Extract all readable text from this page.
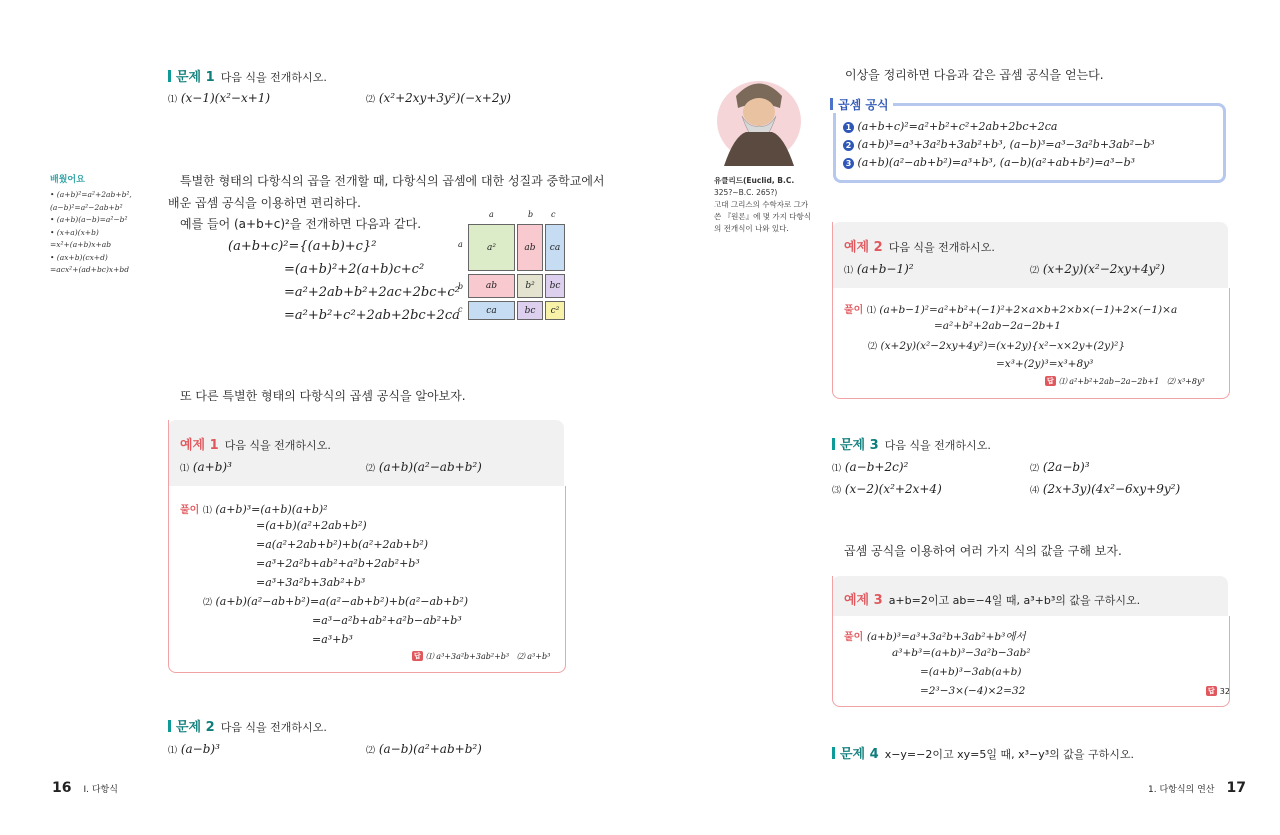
문제 1 다음 식을 전개하시오.
⑴ (x−1)(x²−x+1)	⑵ (x²+2xy+3y²)(−x+2y)
배웠어요
• (a+b)²=a²+2ab+b²,
(a−b)²=a²−2ab+b²
• (a+b)(a−b)=a²−b²
• (x+a)(x+b)
=x²+(a+b)x+ab
• (ax+b)(cx+d)
=acx²+(ad+bc)x+bd
특별한 형태의 다항식의 곱을 전개할 때, 다항식의 곱셈에 대한 성질과 중학교에서
배운 곱셈 공식을 이용하면 편리하다.
예를 들어 (a+b+c)²을 전개하면 다음과 같다.
(a+b+c)²={(a+b)+c}²
=(a+b)²+2(a+b)c+c²
=a²+2ab+b²+2ac+2bc+c²
=a²+b²+c²+2ab+2bc+2ca
a	b c
a
b
c
a²	ab	ca
ab	b²	bc
ca	bc	c²
또 다른 특별한 형태의 다항식의 곱셈 공식을 알아보자.
예제 1 다음 식을 전개하시오.
⑴ (a+b)³	⑵ (a+b)(a²−ab+b²)
풀이 ⑴ (a+b)³=(a+b)(a+b)²
=(a+b)(a²+2ab+b²)
=a(a²+2ab+b²)+b(a²+2ab+b²)
=a³+2a²b+ab²+a²b+2ab²+b³
=a³+3a²b+3ab²+b³
⑵ (a+b)(a²−ab+b²)=a(a²−ab+b²)+b(a²−ab+b²)
=a³−a²b+ab²+a²b−ab²+b³
=a³+b³
답 ⑴ a³+3a²b+3ab²+b³ ⑵ a³+b³
문제 2 다음 식을 전개하시오.
⑴ (a−b)³	⑵ (a−b)(a²+ab+b²)
16 Ⅰ. 다항식
유클리드(Euclid, B.C.
325?~B.C. 265?)
고대 그리스의 수학자로 그가
쓴 『원론』에 몇 가지 다항식
의 전개식이 나와 있다.
이상을 정리하면 다음과 같은 곱셈 공식을 얻는다.
곱셈 공식
1 (a+b+c)²=a²+b²+c²+2ab+2bc+2ca
2 (a+b)³=a³+3a²b+3ab²+b³, (a−b)³=a³−3a²b+3ab²−b³
3 (a+b)(a²−ab+b²)=a³+b³, (a−b)(a²+ab+b²)=a³−b³
예제 2 다음 식을 전개하시오.
⑴ (a+b−1)²	⑵ (x+2y)(x²−2xy+4y²)
풀이 ⑴ (a+b−1)²=a²+b²+(−1)²+2×a×b+2×b×(−1)+2×(−1)×a
=a²+b²+2ab−2a−2b+1
⑵ (x+2y)(x²−2xy+4y²)=(x+2y){x²−x×2y+(2y)²}
=x³+(2y)³=x³+8y³
답 ⑴ a²+b²+2ab−2a−2b+1 ⑵ x³+8y³
문제 3 다음 식을 전개하시오.
⑴ (a−b+2c)²	⑵ (2a−b)³
⑶ (x−2)(x²+2x+4)	⑷ (2x+3y)(4x²−6xy+9y²)
곱셈 공식을 이용하여 여러 가지 식의 값을 구해 보자.
예제 3 a+b=2이고 ab=−4일 때, a³+b³의 값을 구하시오.
풀이 (a+b)³=a³+3a²b+3ab²+b³에서
a³+b³=(a+b)³−3a²b−3ab²
=(a+b)³−3ab(a+b)
=2³−3×(−4)×2=32	답 32
문제 4 x−y=−2이고 xy=5일 때, x³−y³의 값을 구하시오.
1. 다항식의 연산 17
